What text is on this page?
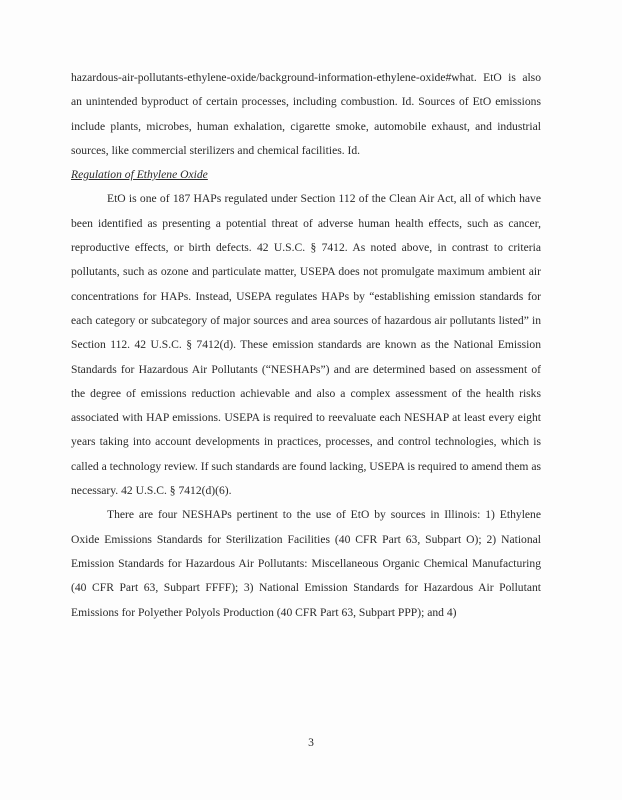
hazardous-air-pollutants-ethylene-oxide/background-information-ethylene-oxide#what. EtO is also an unintended byproduct of certain processes, including combustion. Id. Sources of EtO emissions include plants, microbes, human exhalation, cigarette smoke, automobile exhaust, and industrial sources, like commercial sterilizers and chemical facilities. Id.

Regulation of Ethylene Oxide

EtO is one of 187 HAPs regulated under Section 112 of the Clean Air Act, all of which have been identified as presenting a potential threat of adverse human health effects, such as cancer, reproductive effects, or birth defects. 42 U.S.C. § 7412. As noted above, in contrast to criteria pollutants, such as ozone and particulate matter, USEPA does not promulgate maximum ambient air concentrations for HAPs. Instead, USEPA regulates HAPs by “establishing emission standards for each category or subcategory of major sources and area sources of hazardous air pollutants listed” in Section 112. 42 U.S.C. § 7412(d). These emission standards are known as the National Emission Standards for Hazardous Air Pollutants (“NESHAPs”) and are determined based on assessment of the degree of emissions reduction achievable and also a complex assessment of the health risks associated with HAP emissions. USEPA is required to reevaluate each NESHAP at least every eight years taking into account developments in practices, processes, and control technologies, which is called a technology review. If such standards are found lacking, USEPA is required to amend them as necessary. 42 U.S.C. § 7412(d)(6).

There are four NESHAPs pertinent to the use of EtO by sources in Illinois: 1) Ethylene Oxide Emissions Standards for Sterilization Facilities (40 CFR Part 63, Subpart O); 2) National Emission Standards for Hazardous Air Pollutants: Miscellaneous Organic Chemical Manufacturing (40 CFR Part 63, Subpart FFFF); 3) National Emission Standards for Hazardous Air Pollutant Emissions for Polyether Polyols Production (40 CFR Part 63, Subpart PPP); and 4)

3
